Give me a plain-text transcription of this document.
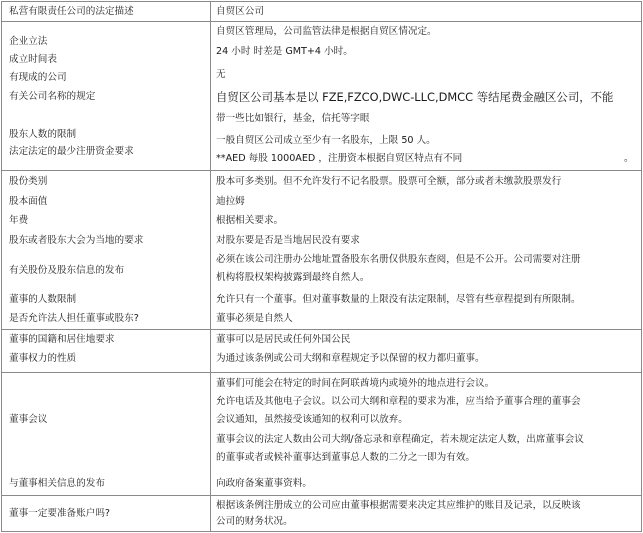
私营有限责任公司的法定描述	自贸区公司
企业立法
成立时间表
有现成的公司
有关公司名称的规定
股东人数的限制
法定法定的最少注册资金要求
自贸区管理局，公司监管法律是根据自贸区情况定。
24 小时 时差是 GMT+4 小时。
无
自贸区公司基本是以 FZE,FZCO,DWC-LLC,DMCC 等结尾费金融区公司，不能
带一些比如银行，基金，信托等字眼
一般自贸区公司成立至少有一名股东，上限 50 人。
**AED 每股 1000AED ，注册资本根据自贸区特点有不同	。
股份类别
股本面值
年费
股东或者股东大会为当地的要求
有关股份及股东信息的发布
董事的人数限制
是否允许法人担任董事或股东?
股本可多类别。但不允许发行不记名股票。股票可全额，部分或者未缴款股票发行
迪拉姆
根据相关要求。
对股东要是否是当地居民没有要求
必须在该公司注册办公地址置备股东名册仅供股东查阅，但是不公开。公司需要对注册
机构将股权架构披露到最终自然人。
允许只有一个董事。但对董事数量的上限没有法定限制，尽管有些章程提到有所限制。
董事必须是自然人
董事的国籍和居住地要求
董事权力的性质
董事可以是居民或任何外国公民
为通过该条例或公司大纲和章程规定予以保留的权力都归董事。
董事会议
与董事相关信息的发布
董事们可能会在特定的时间在阿联酋境内或境外的地点进行会议。
允许电话及其他电子会议。以公司大纲和章程的要求为准，应当给予董事合理的董事会
会议通知，虽然接受该通知的权利可以放弃。
董事会议的法定人数由公司大纲/备忘录和章程确定，若未规定法定人数，出席董事会议
的董事或者或候补董事达到董事总人数的二分之一即为有效。
向政府备案董事资料。
董事一定要准备账户吗?
根据该条例注册成立的公司应由董事根据需要来决定其应维护的账目及记录，以反映该
公司的财务状况。
